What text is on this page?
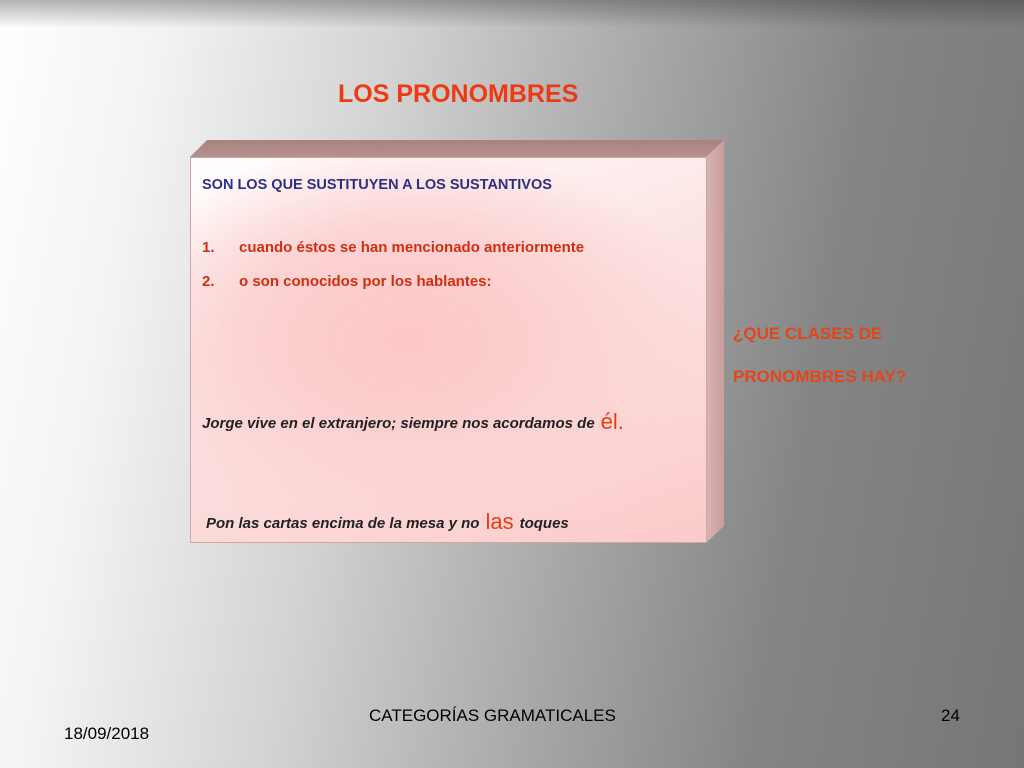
LOS PRONOMBRES
SON LOS QUE SUSTITUYEN A LOS SUSTANTIVOS
1. cuando éstos se han mencionado anteriormente
2. o son conocidos por los hablantes:
Jorge vive en el extranjero; siempre nos acordamos de él.
Pon las cartas encima de la mesa y no las toques
¿QUE CLASES DE
PRONOMBRES HAY?
18/09/2018
CATEGORÍAS GRAMATICALES	24
